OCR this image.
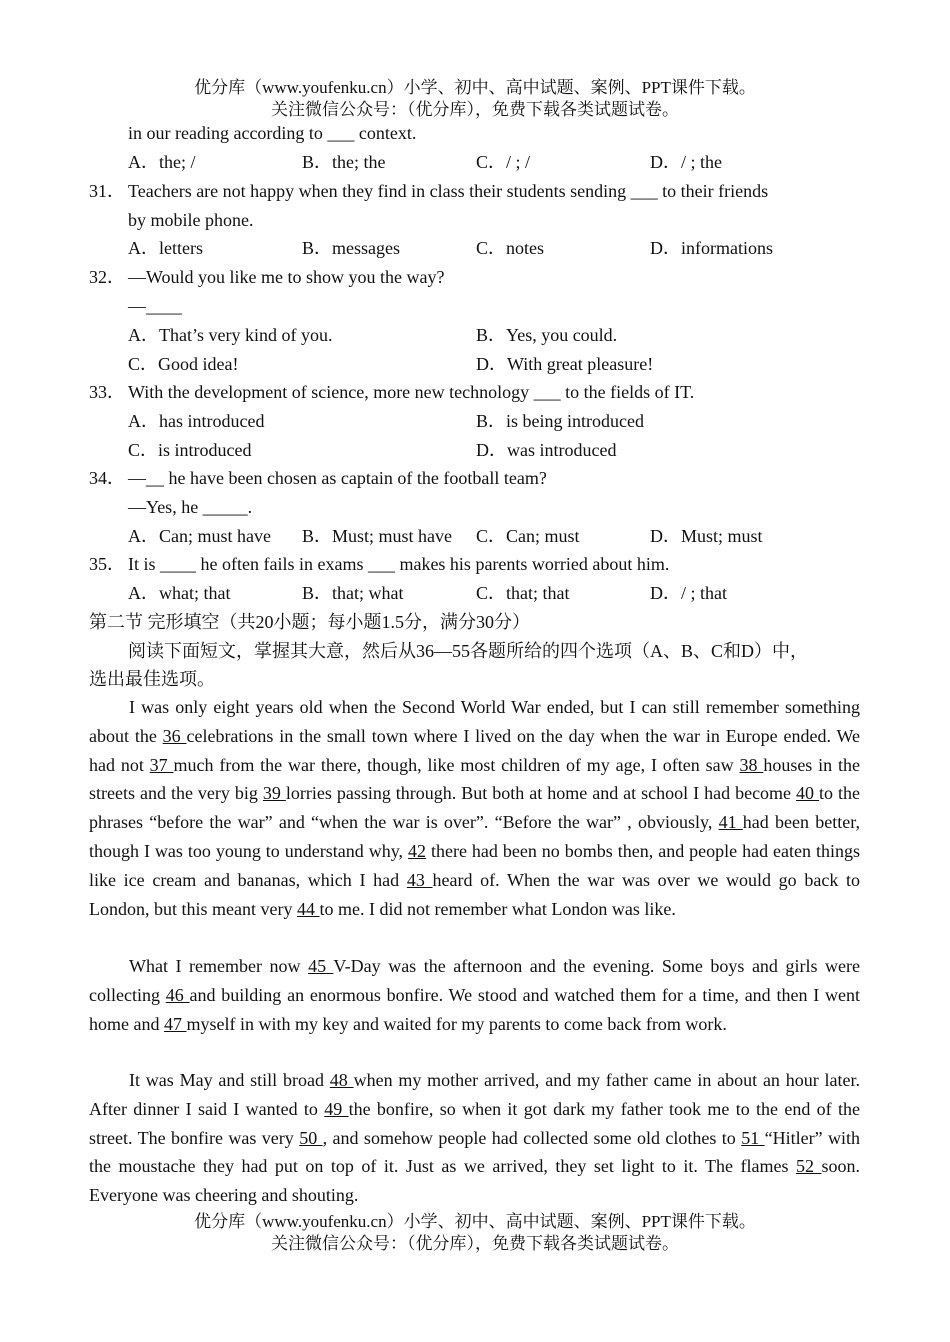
优分库（www.youfenku.cn）小学、初中、高中试题、案例、PPT课件下载。
关注微信公众号：（优分库），免费下载各类试题试卷。
in our reading according to ___ context.
A．the; /	B．the; the	C．/ ; /	D．/ ; the
31． Teachers are not happy when they find in class their students sending ___ to their friends
by mobile phone.
A．letters	B．messages	C．notes	D．informations
32． —Would you like me to show you the way?
—____
A．That’s very kind of you.	B．Yes, you could.
C．Good idea!	D．With great pleasure!
33． With the development of science, more new technology ___ to the fields of IT.
A．has introduced	B．is being introduced
C．is introduced	D．was introduced
34． —__ he have been chosen as captain of the football team?
—Yes, he _____.
A．Can; must have B．Must; must have C．Can; must	D．Must; must
35． It is ____ he often fails in exams ___ makes his parents worried about him.
A．what; that	B．that; what	C．that; that	D．/ ; that
第二节 完形填空（共20小题；每小题1.5分，满分30分）
阅读下面短文，掌握其大意，然后从36—55各题所给的四个选项（A、B、C和D）中，
选出最佳选项。
I was only eight years old when the Second World War ended, but I can still remember something about the 36 celebrations in the small town where I lived on the day when the war in Europe ended. We had not 37 much from the war there, though, like most children of my age, I often saw 38 houses in the streets and the very big 39 lorries passing through. But both at home and at school I had become 40 to the phrases “before the war” and “when the war is over”. “Before the war” , obviously, 41 had been better, though I was too young to understand why, 42 there had been no bombs then, and people had eaten things like ice cream and bananas, which I had 43 heard of. When the war was over we would go back to London, but this meant very 44 to me. I did not remember what London was like.
What I remember now 45 V-Day was the afternoon and the evening. Some boys and girls were collecting 46 and building an enormous bonfire. We stood and watched them for a time, and then I went home and 47 myself in with my key and waited for my parents to come back from work.
It was May and still broad 48 when my mother arrived, and my father came in about an hour later. After dinner I said I wanted to 49 the bonfire, so when it got dark my father took me to the end of the street. The bonfire was very 50 , and somehow people had collected some old clothes to 51 “Hitler” with the moustache they had put on top of it. Just as we arrived, they set light to it. The flames 52 soon. Everyone was cheering and shouting.
优分库（www.youfenku.cn）小学、初中、高中试题、案例、PPT课件下载。
关注微信公众号：（优分库），免费下载各类试题试卷。
